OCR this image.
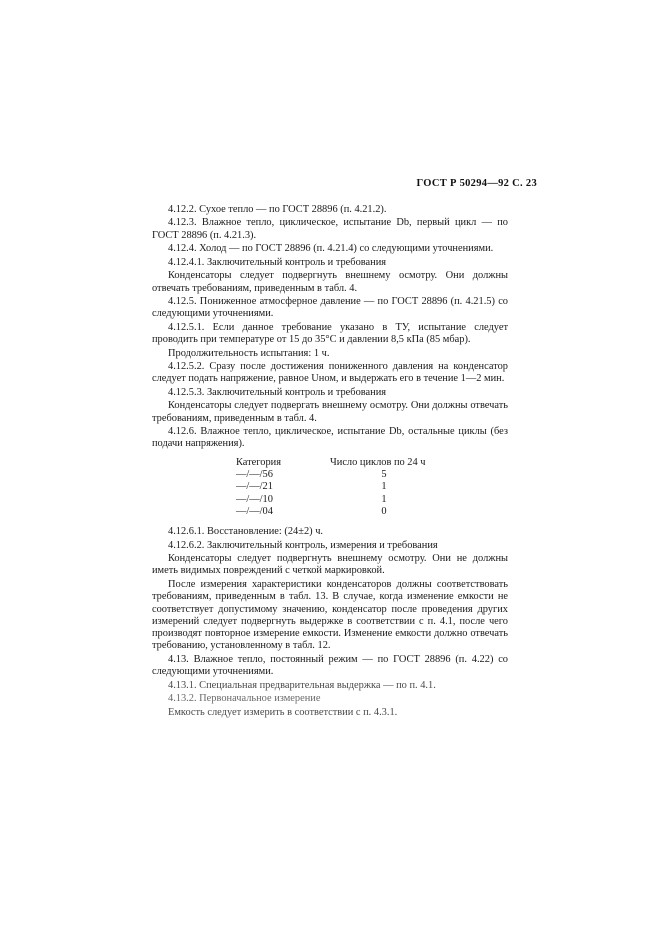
ГОСТ Р 50294—92 С. 23

4.12.2. Сухое тепло — по ГОСТ 28896 (п. 4.21.2).

4.12.3. Влажное тепло, циклическое, испытание Db, первый цикл — по ГОСТ 28896 (п. 4.21.3).

4.12.4. Холод — по ГОСТ 28896 (п. 4.21.4) со следующими уточнениями.

4.12.4.1. Заключительный контроль и требования

Конденсаторы следует подвергнуть внешнему осмотру. Они должны отвечать требованиям, приведенным в табл. 4.

4.12.5. Пониженное атмосферное давление — по ГОСТ 28896 (п. 4.21.5) со следующими уточнениями.

4.12.5.1. Если данное требование указано в ТУ, испытание следует проводить при температуре от 15 до 35°С и давлении 8,5 кПа (85 мбар).

Продолжительность испытания: 1 ч.

4.12.5.2. Сразу после достижения пониженного давления на конденсатор следует подать напряжение, равное Uном, и выдержать его в течение 1—2 мин.

4.12.5.3. Заключительный контроль и требования

Конденсаторы следует подвергать внешнему осмотру. Они должны отвечать требованиям, приведенным в табл. 4.

4.12.6. Влажное тепло, циклическое, испытание Db, остальные циклы (без подачи напряжения).

Категория	Число циклов по 24 ч
—/—/56	5
—/—/21	1
—/—/10	1
—/—/04	0

4.12.6.1. Восстановление: (24±2) ч.

4.12.6.2. Заключительный контроль, измерения и требования

Конденсаторы следует подвергнуть внешнему осмотру. Они не должны иметь видимых повреждений с четкой маркировкой.

После измерения характеристики конденсаторов должны соответствовать требованиям, приведенным в табл. 13. В случае, когда изменение емкости не соответствует допустимому значению, конденсатор после проведения других измерений следует подвергнуть выдержке в соответствии с п. 4.1, после чего производят повторное измерение емкости. Изменение емкости должно отвечать требованию, установленному в табл. 12.

4.13. Влажное тепло, постоянный режим — по ГОСТ 28896 (п. 4.22) со следующими уточнениями.

4.13.1. Специальная предварительная выдержка — по п. 4.1.

4.13.2. Первоначальное измерение

Емкость следует измерить в соответствии с п. 4.3.1.
